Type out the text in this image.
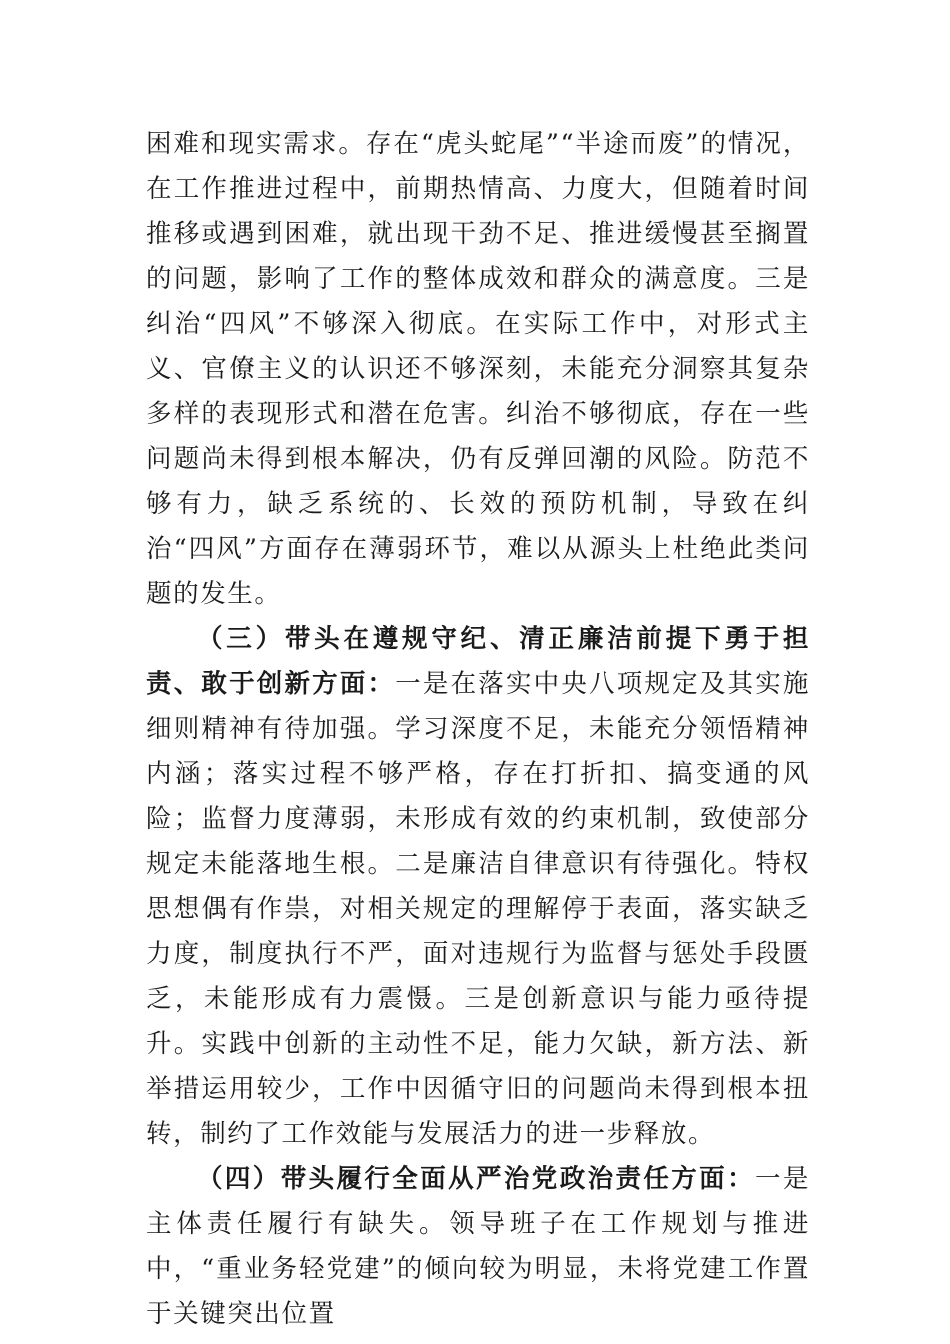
困难和现实需求。存在“虎头蛇尾”“半途而废”的情况，在工作推进过程中，前期热情高、力度大，但随着时间推移或遇到困难，就出现干劲不足、推进缓慢甚至搁置的问题，影响了工作的整体成效和群众的满意度。三是纠治“四风”不够深入彻底。在实际工作中，对形式主义、官僚主义的认识还不够深刻，未能充分洞察其复杂多样的表现形式和潜在危害。纠治不够彻底，存在一些问题尚未得到根本解决，仍有反弹回潮的风险。防范不够有力，缺乏系统的、长效的预防机制，导致在纠治“四风”方面存在薄弱环节，难以从源头上杜绝此类问题的发生。

（三）带头在遵规守纪、清正廉洁前提下勇于担责、敢于创新方面：一是在落实中央八项规定及其实施细则精神有待加强。学习深度不足，未能充分领悟精神内涵；落实过程不够严格，存在打折扣、搞变通的风险；监督力度薄弱，未形成有效的约束机制，致使部分规定未能落地生根。二是廉洁自律意识有待强化。特权思想偶有作祟，对相关规定的理解停于表面，落实缺乏力度，制度执行不严，面对违规行为监督与惩处手段匮乏，未能形成有力震慑。三是创新意识与能力亟待提升。实践中创新的主动性不足，能力欠缺，新方法、新举措运用较少，工作中因循守旧的问题尚未得到根本扭转，制约了工作效能与发展活力的进一步释放。

（四）带头履行全面从严治党政治责任方面：一是主体责任履行有缺失。领导班子在工作规划与推进中，“重业务轻党建”的倾向较为明显，未将党建工作置于关键突出位置
